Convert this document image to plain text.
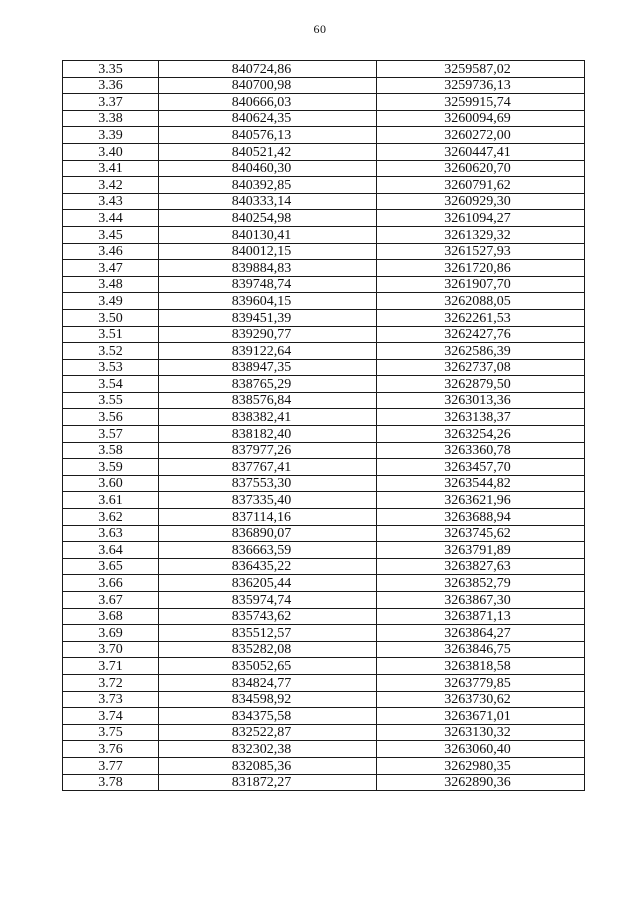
60
3.35	840724,86	3259587,02
3.36	840700,98	3259736,13
3.37	840666,03	3259915,74
3.38	840624,35	3260094,69
3.39	840576,13	3260272,00
3.40	840521,42	3260447,41
3.41	840460,30	3260620,70
3.42	840392,85	3260791,62
3.43	840333,14	3260929,30
3.44	840254,98	3261094,27
3.45	840130,41	3261329,32
3.46	840012,15	3261527,93
3.47	839884,83	3261720,86
3.48	839748,74	3261907,70
3.49	839604,15	3262088,05
3.50	839451,39	3262261,53
3.51	839290,77	3262427,76
3.52	839122,64	3262586,39
3.53	838947,35	3262737,08
3.54	838765,29	3262879,50
3.55	838576,84	3263013,36
3.56	838382,41	3263138,37
3.57	838182,40	3263254,26
3.58	837977,26	3263360,78
3.59	837767,41	3263457,70
3.60	837553,30	3263544,82
3.61	837335,40	3263621,96
3.62	837114,16	3263688,94
3.63	836890,07	3263745,62
3.64	836663,59	3263791,89
3.65	836435,22	3263827,63
3.66	836205,44	3263852,79
3.67	835974,74	3263867,30
3.68	835743,62	3263871,13
3.69	835512,57	3263864,27
3.70	835282,08	3263846,75
3.71	835052,65	3263818,58
3.72	834824,77	3263779,85
3.73	834598,92	3263730,62
3.74	834375,58	3263671,01
3.75	832522,87	3263130,32
3.76	832302,38	3263060,40
3.77	832085,36	3262980,35
3.78	831872,27	3262890,36
